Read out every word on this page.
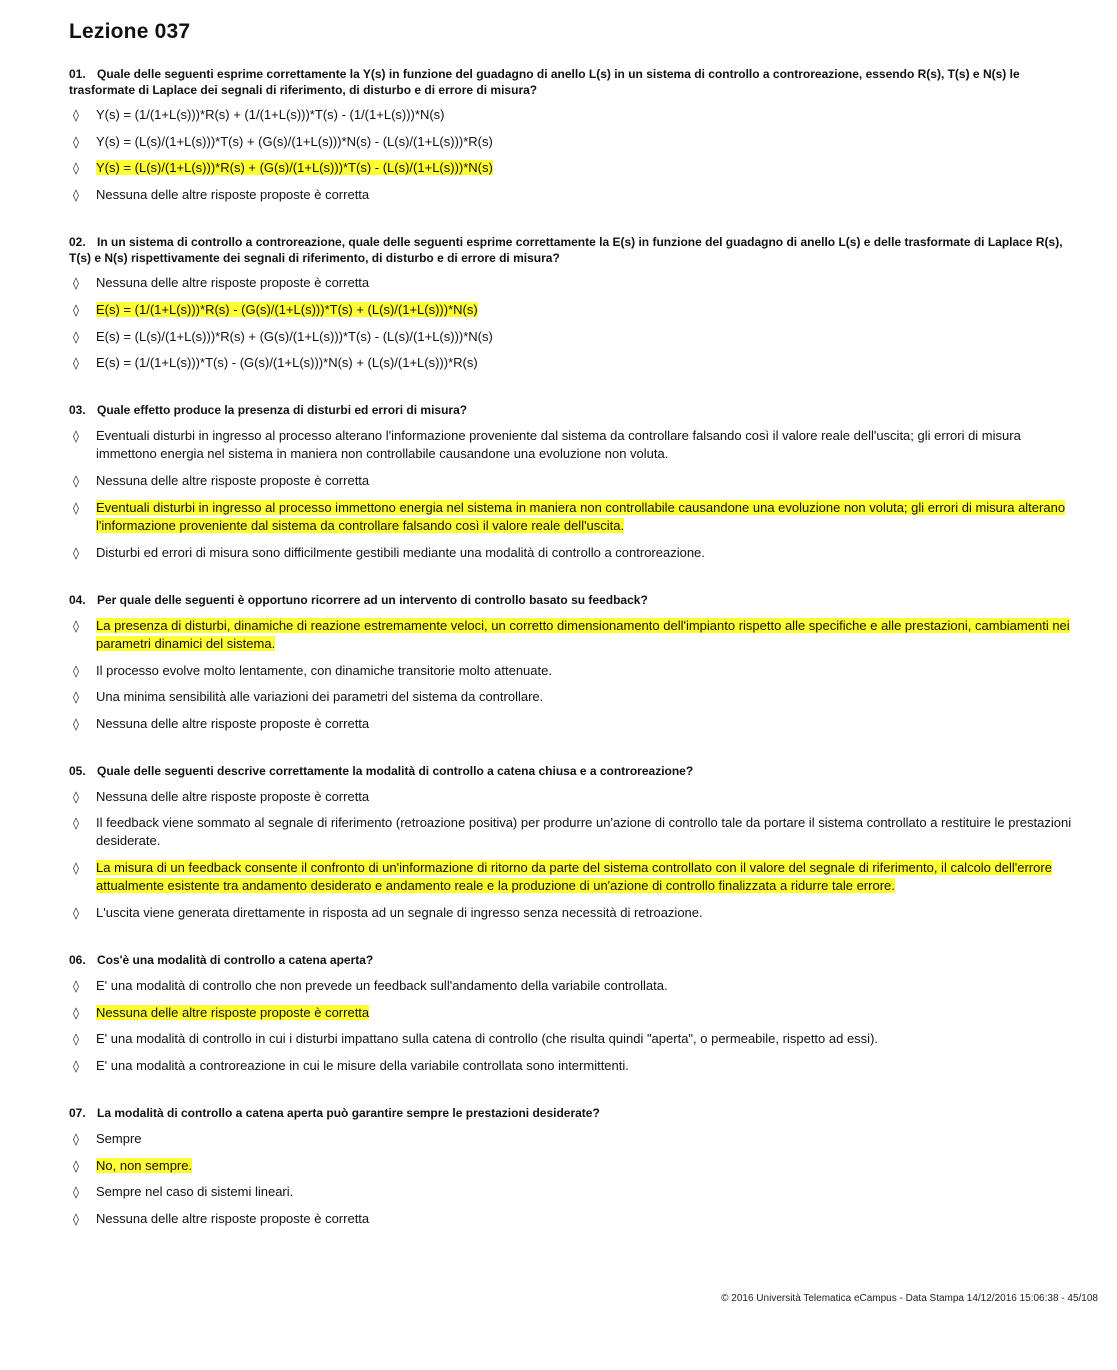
Lezione 037
01. Quale delle seguenti esprime correttamente la Y(s) in funzione del guadagno di anello L(s) in un sistema di controllo a controreazione, essendo R(s), T(s) e N(s) le trasformate di Laplace dei segnali di riferimento, di disturbo e di errore di misura?
◊ Y(s) = (1/(1+L(s)))*R(s) + (1/(1+L(s)))*T(s) - (1/(1+L(s)))*N(s)
◊ Y(s) = (L(s)/(1+L(s)))*T(s) + (G(s)/(1+L(s)))*N(s) - (L(s)/(1+L(s)))*R(s)
◊ Y(s) = (L(s)/(1+L(s)))*R(s) + (G(s)/(1+L(s)))*T(s) - (L(s)/(1+L(s)))*N(s)
◊ Nessuna delle altre risposte proposte è corretta
02. In un sistema di controllo a controreazione, quale delle seguenti esprime correttamente la E(s) in funzione del guadagno di anello L(s) e delle trasformate di Laplace R(s), T(s) e N(s) rispettivamente dei segnali di riferimento, di disturbo e di errore di misura?
◊ Nessuna delle altre risposte proposte è corretta
◊ E(s) = (1/(1+L(s)))*R(s) - (G(s)/(1+L(s)))*T(s) + (L(s)/(1+L(s)))*N(s)
◊ E(s) = (L(s)/(1+L(s)))*R(s) + (G(s)/(1+L(s)))*T(s) - (L(s)/(1+L(s)))*N(s)
◊ E(s) = (1/(1+L(s)))*T(s) - (G(s)/(1+L(s)))*N(s) + (L(s)/(1+L(s)))*R(s)
03. Quale effetto produce la presenza di disturbi ed errori di misura?
◊ Eventuali disturbi in ingresso al processo alterano l'informazione proveniente dal sistema da controllare falsando così il valore reale dell'uscita; gli errori di misura immettono energia nel sistema in maniera non controllabile causandone una evoluzione non voluta.
◊ Nessuna delle altre risposte proposte è corretta
◊ Eventuali disturbi in ingresso al processo immettono energia nel sistema in maniera non controllabile causandone una evoluzione non voluta; gli errori di misura alterano l'informazione proveniente dal sistema da controllare falsando così il valore reale dell'uscita.
◊ Disturbi ed errori di misura sono difficilmente gestibili mediante una modalità di controllo a controreazione.
04. Per quale delle seguenti è opportuno ricorrere ad un intervento di controllo basato su feedback?
◊ La presenza di disturbi, dinamiche di reazione estremamente veloci, un corretto dimensionamento dell'impianto rispetto alle specifiche e alle prestazioni, cambiamenti nei parametri dinamici del sistema.
◊ Il processo evolve molto lentamente, con dinamiche transitorie molto attenuate.
◊ Una minima sensibilità alle variazioni dei parametri del sistema da controllare.
◊ Nessuna delle altre risposte proposte è corretta
05. Quale delle seguenti descrive correttamente la modalità di controllo a catena chiusa e a controreazione?
◊ Nessuna delle altre risposte proposte è corretta
◊ Il feedback viene sommato al segnale di riferimento (retroazione positiva) per produrre un'azione di controllo tale da portare il sistema controllato a restituire le prestazioni desiderate.
◊ La misura di un feedback consente il confronto di un'informazione di ritorno da parte del sistema controllato con il valore del segnale di riferimento, il calcolo dell'errore attualmente esistente tra andamento desiderato e andamento reale e la produzione di un'azione di controllo finalizzata a ridurre tale errore.
◊ L'uscita viene generata direttamente in risposta ad un segnale di ingresso senza necessità di retroazione.
06. Cos'è una modalità di controllo a catena aperta?
◊ E' una modalità di controllo che non prevede un feedback sull'andamento della variabile controllata.
◊ Nessuna delle altre risposte proposte è corretta
◊ E' una modalità di controllo in cui i disturbi impattano sulla catena di controllo (che risulta quindi "aperta", o permeabile, rispetto ad essi).
◊ E' una modalità a controreazione in cui le misure della variabile controllata sono intermittenti.
07. La modalità di controllo a catena aperta può garantire sempre le prestazioni desiderate?
◊ Sempre
◊ No, non sempre.
◊ Sempre nel caso di sistemi lineari.
◊ Nessuna delle altre risposte proposte è corretta
© 2016 Università Telematica eCampus - Data Stampa 14/12/2016 15:06:38 - 45/108
